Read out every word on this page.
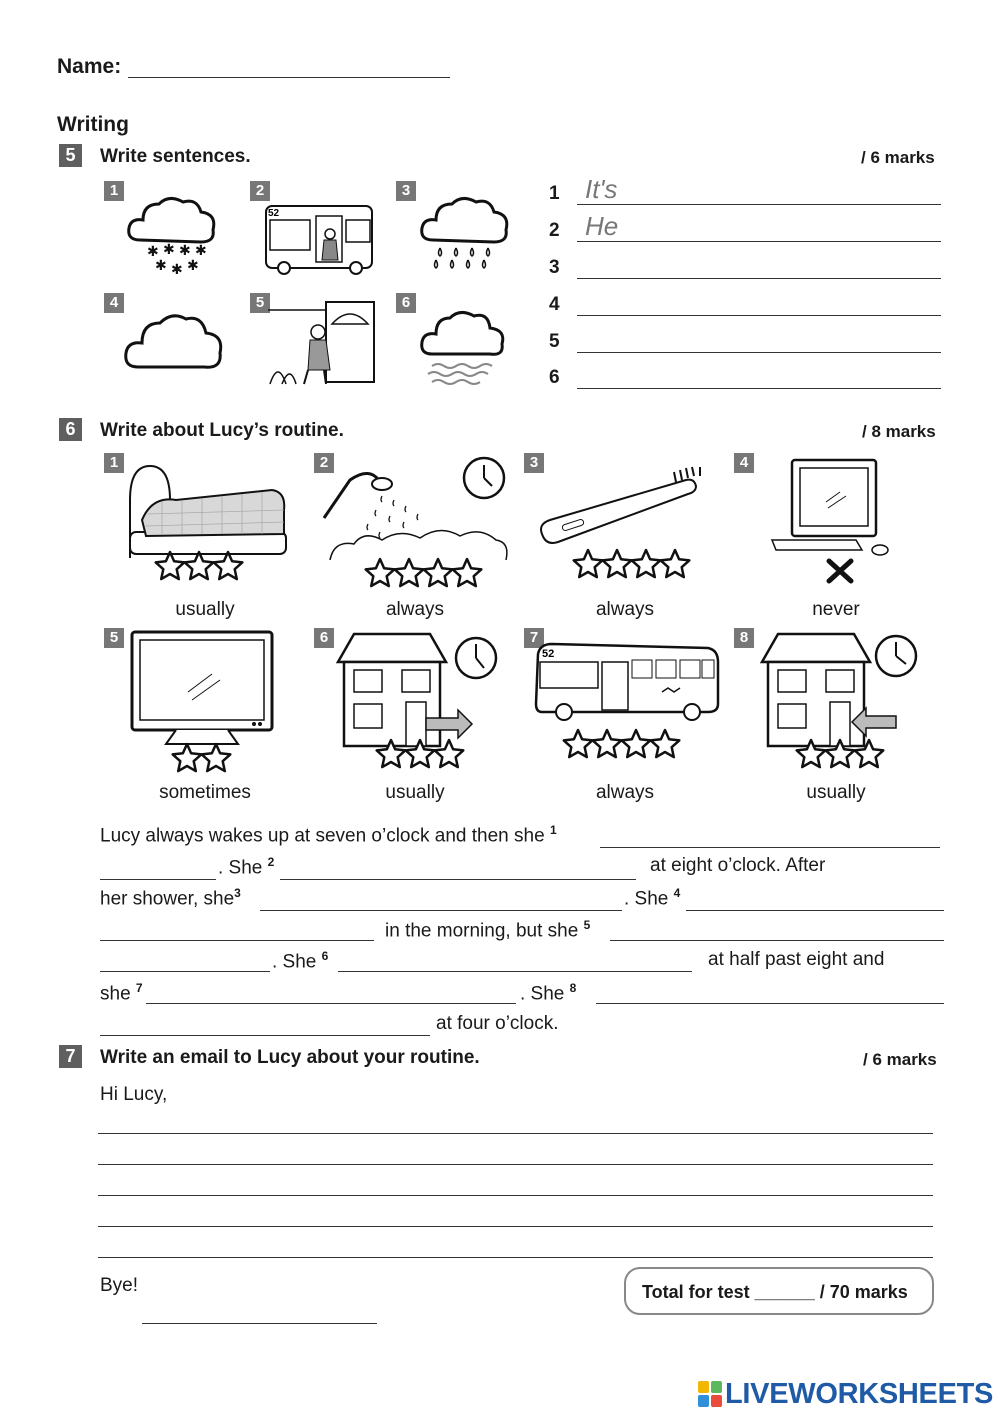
Name:
Writing
5	Write sentences.	/ 6 marks
1
✱ ✱ ✱ ✱
✱ ✱ ✱
2
52
3
4	5	6
1
It's
2
He
3
4
5
6
6	Write about Lucy’s routine.	/ 8 marks
1
usually
2
always
3
always
4
never
5
sometimes
6
usually
7
52
always
8
usually
Lucy always wakes up at seven o’clock and then she $^1$
. She $^2$	at eight o’clock. After
her shower, she$^3$	. She $^4$
in the morning, but she $^5$
. She $^6$	at half past eight and
she $^7$	. She $^8$
at four o’clock.
7	Write an email to Lucy about your routine.	/ 6 marks
Hi Lucy,
Bye!	Total for test ______ / 70 marks
LIVEWORKSHEETS
